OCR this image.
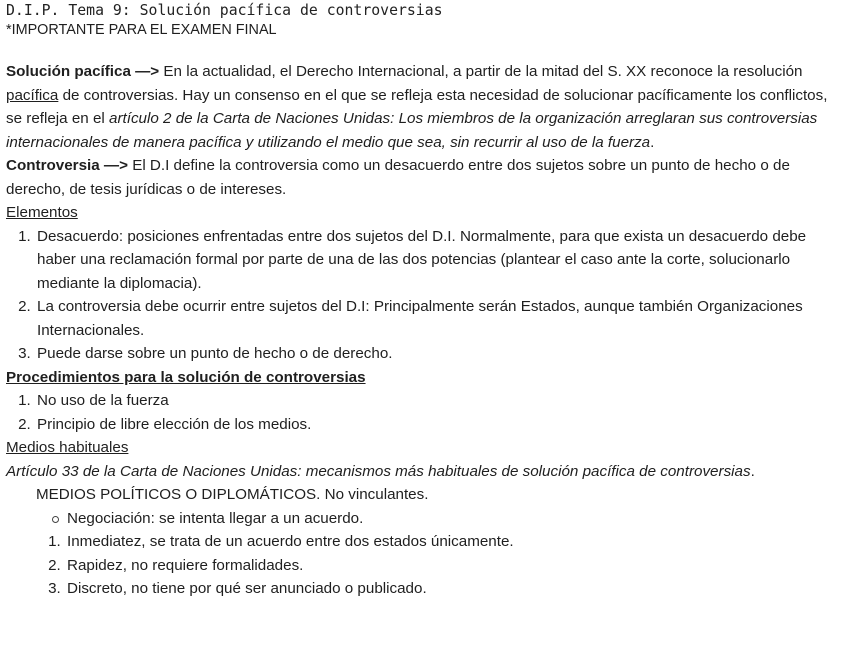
D.I.P. Tema 9: Solución pacífica de controversias
*IMPORTANTE PARA EL EXAMEN FINAL

Solución pacífica —> En la actualidad, el Derecho Internacional, a partir de la mitad del S. XX reconoce la resolución pacífica de controversias. Hay un consenso en el que se refleja esta necesidad de solucionar pacíficamente los conflictos, se refleja en el artículo 2 de la Carta de Naciones Unidas: Los miembros de la organización arreglaran sus controversias internacionales de manera pacífica y utilizando el medio que sea, sin recurrir al uso de la fuerza.

Controversia —> El D.I define la controversia como un desacuerdo entre dos sujetos sobre un punto de hecho o de derecho, de tesis jurídicas o de intereses.

Elementos
1. Desacuerdo: posiciones enfrentadas entre dos sujetos del D.I. Normalmente, para que exista un desacuerdo debe haber una reclamación formal por parte de una de las dos potencias (plantear el caso ante la corte, solucionarlo mediante la diplomacia).
2. La controversia debe ocurrir entre sujetos del D.I: Principalmente serán Estados, aunque también Organizaciones Internacionales.
3. Puede darse sobre un punto de hecho o de derecho.
Procedimientos para la solución de controversias
1. No uso de la fuerza
2. Principio de libre elección de los medios.
Medios habituales

Artículo 33 de la Carta de Naciones Unidas: mecanismos más habituales de solución pacífica de controversias.

MEDIOS POLÍTICOS O DIPLOMÁTICOS. No vinculantes.
Negociación: se intenta llegar a un acuerdo.
1. Inmediatez, se trata de un acuerdo entre dos estados únicamente.
2. Rapidez, no requiere formalidades.
3. Discreto, no tiene por qué ser anunciado o publicado.
